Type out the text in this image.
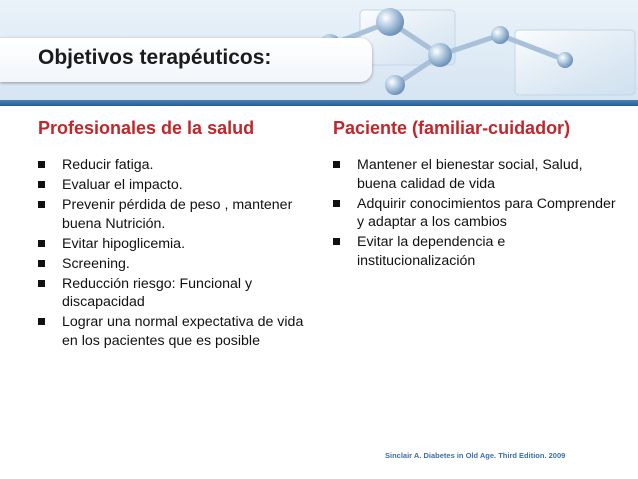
Objetivos terapéuticos:
Profesionales de la salud
Reducir fatiga.
Evaluar el impacto.
Prevenir pérdida de peso , mantener buena Nutrición.
Evitar hipoglicemia.
Screening.
Reducción riesgo: Funcional y discapacidad
Lograr una normal expectativa de vida en los pacientes que es posible
Paciente (familiar-cuidador)
Mantener el bienestar social, Salud, buena calidad de vida
Adquirir conocimientos para Comprender y adaptar a los cambios
Evitar la dependencia e institucionalización

Sinclair A. Diabetes in Old Age. Third Edition. 2009
